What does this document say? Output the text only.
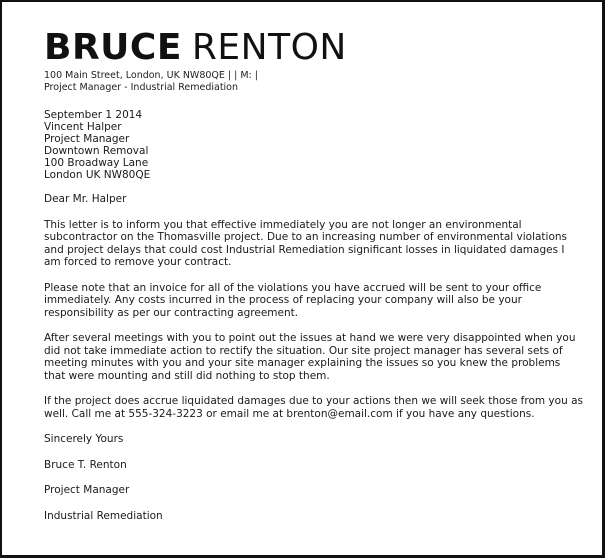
BRUCE RENTON
100 Main Street, London, UK NW80QE | | M: |
Project Manager - Industrial Remediation
September 1 2014
Vincent Halper
Project Manager
Downtown Removal
100 Broadway Lane
London UK NW80QE

Dear Mr. Halper

This letter is to inform you that effective immediately you are not longer an environmental subcontractor on the Thomasville project. Due to an increasing number of environmental violations and project delays that could cost Industrial Remediation significant losses in liquidated damages I am forced to remove your contract.

Please note that an invoice for all of the violations you have accrued will be sent to your office immediately. Any costs incurred in the process of replacing your company will also be your responsibility as per our contracting agreement.

After several meetings with you to point out the issues at hand we were very disappointed when you did not take immediate action to rectify the situation. Our site project manager has several sets of meeting minutes with you and your site manager explaining the issues so you knew the problems that were mounting and still did nothing to stop them.

If the project does accrue liquidated damages due to your actions then we will seek those from you as well. Call me at 555-324-3223 or email me at brenton@email.com if you have any questions.

Sincerely Yours

Bruce T. Renton

Project Manager

Industrial Remediation
